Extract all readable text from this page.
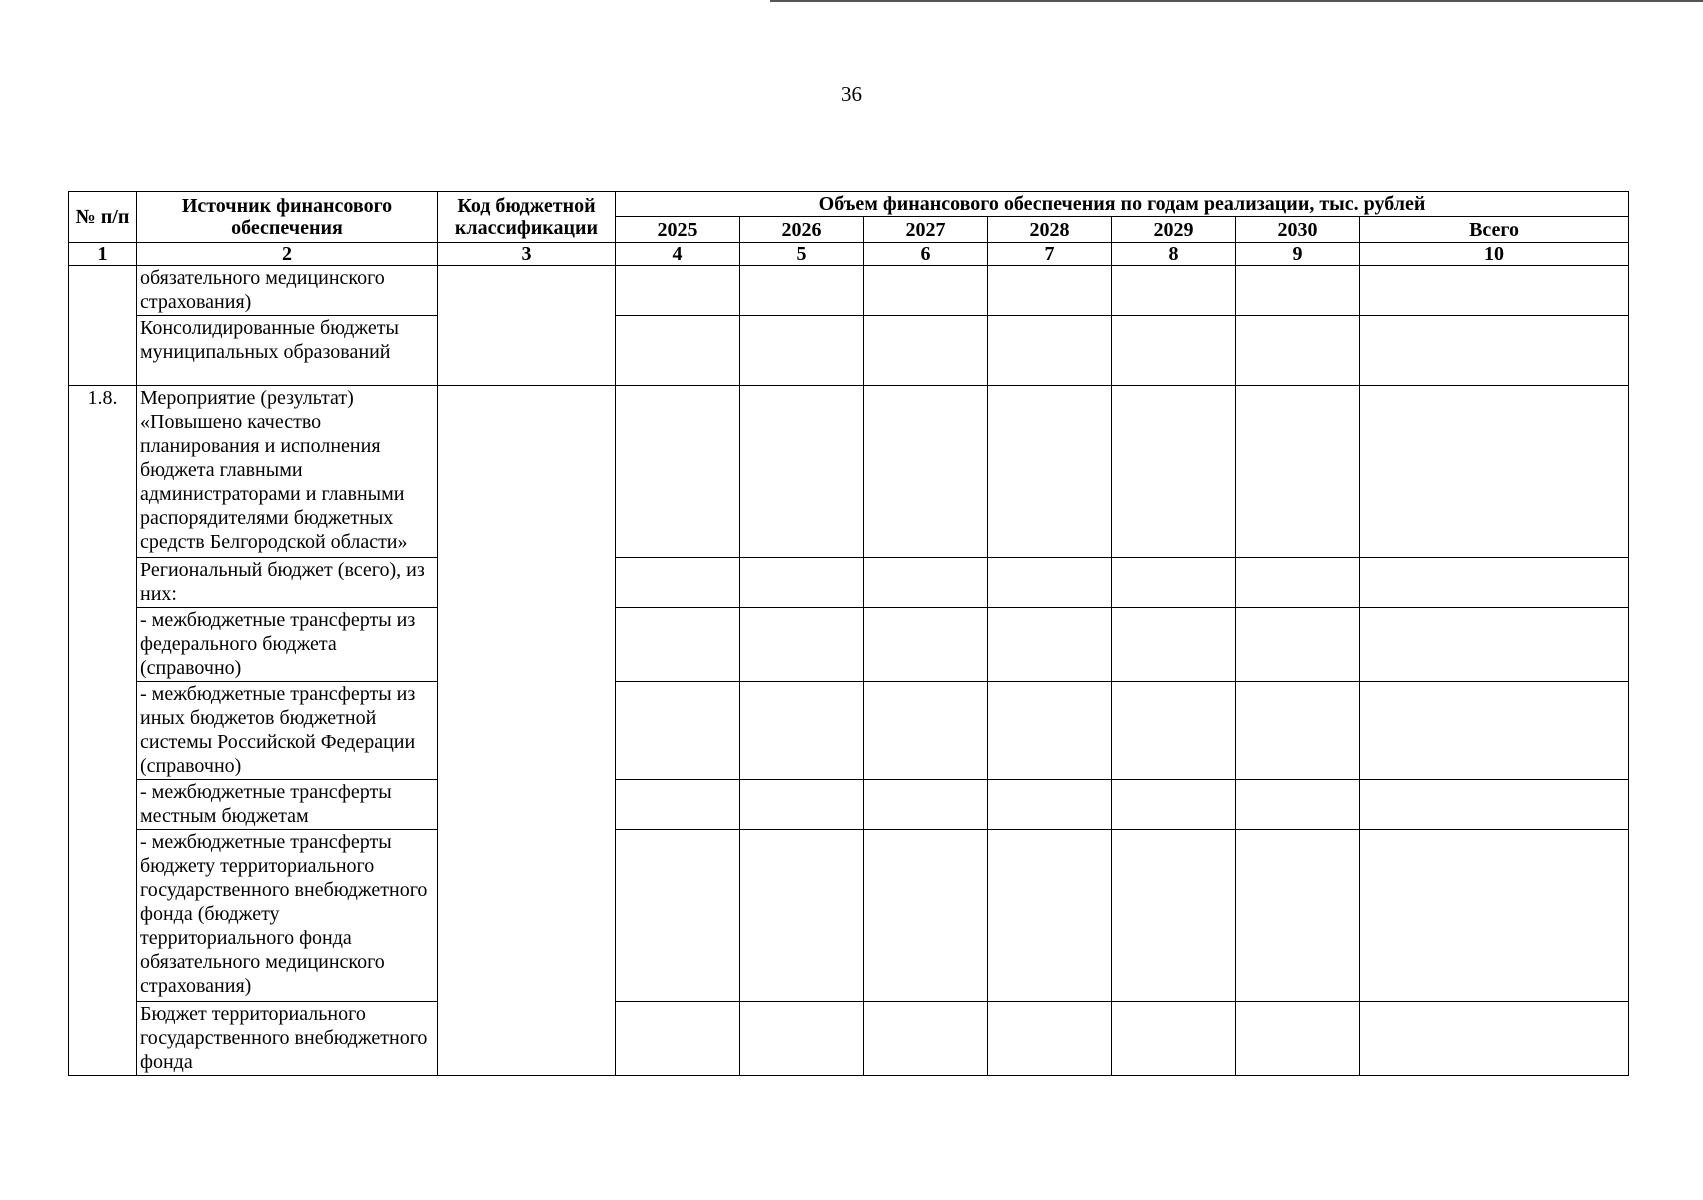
36
№ п/п	Источник финансового обеспечения	Код бюджетной классификации	Объем финансового обеспечения по годам реализации, тыс. рублей						
			2025	2026	2027	2028	2029	2030	Всего
1	2	3	4	5	6	7	8	9	10
	обязательного медицинского страхования)								
	Консолидированные бюджеты муниципальных образований								
1.8.	Мероприятие (результат) «Повышено качество планирования и исполнения бюджета главными администраторами и главными распорядителями бюджетных средств Белгородской области»								
	Региональный бюджет (всего), из них:								
	- межбюджетные трансферты из федерального бюджета (справочно)								
	- межбюджетные трансферты из иных бюджетов бюджетной системы Российской Федерации (справочно)								
	- межбюджетные трансферты местным бюджетам								
	- межбюджетные трансферты бюджету территориального государственного внебюджетного фонда (бюджету территориального фонда обязательного медицинского страхования)								
	Бюджет территориального государственного внебюджетного фонда								
